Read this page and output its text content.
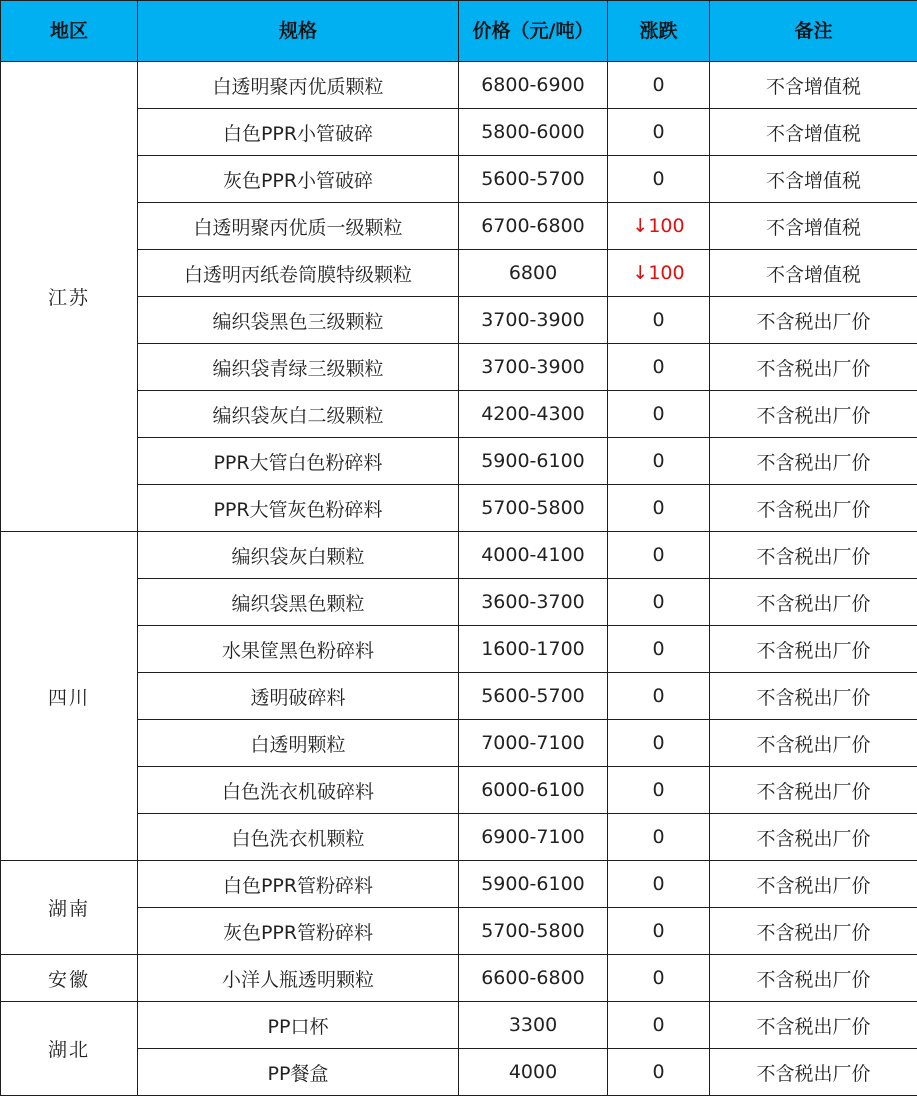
地区	规格	价格（元/吨）	涨跌	备注
江苏	白透明聚丙优质颗粒	6800-6900	0	不含增值税
	白色PPR小管破碎	5800-6000	0	不含增值税
	灰色PPR小管破碎	5600-5700	0	不含增值税
	白透明聚丙优质一级颗粒	6700-6800	↓100	不含增值税
	白透明丙纸卷筒膜特级颗粒	6800	↓100	不含增值税
	编织袋黑色三级颗粒	3700-3900	0	不含税出厂价
	编织袋青绿三级颗粒	3700-3900	0	不含税出厂价
	编织袋灰白二级颗粒	4200-4300	0	不含税出厂价
	PPR大管白色粉碎料	5900-6100	0	不含税出厂价
	PPR大管灰色粉碎料	5700-5800	0	不含税出厂价
四川	编织袋灰白颗粒	4000-4100	0	不含税出厂价
	编织袋黑色颗粒	3600-3700	0	不含税出厂价
	水果筐黑色粉碎料	1600-1700	0	不含税出厂价
	透明破碎料	5600-5700	0	不含税出厂价
	白透明颗粒	7000-7100	0	不含税出厂价
	白色洗衣机破碎料	6000-6100	0	不含税出厂价
	白色洗衣机颗粒	6900-7100	0	不含税出厂价
湖南	白色PPR管粉碎料	5900-6100	0	不含税出厂价
	灰色PPR管粉碎料	5700-5800	0	不含税出厂价
安徽	小洋人瓶透明颗粒	6600-6800	0	不含税出厂价
湖北	PP口杯	3300	0	不含税出厂价
	PP餐盒	4000	0	不含税出厂价
